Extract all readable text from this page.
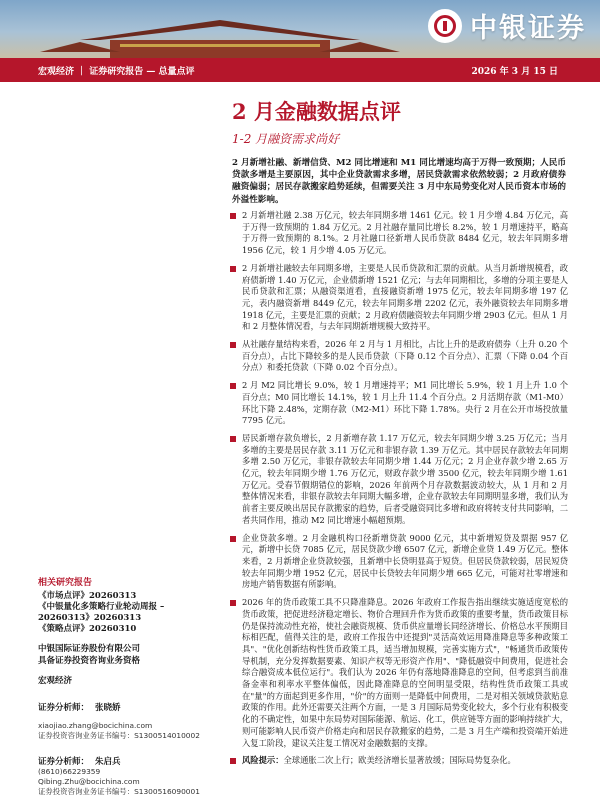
中银证券
宏观经济 ｜ 证券研究报告 — 总量点评	2026 年 3 月 15 日
2 月金融数据点评
1-2 月融资需求尚好
2 月新增社融、新增信贷、M2 同比增速和 M1 同比增速均高于万得一致预期；人民币贷款多增是主要原因，其中企业贷款需求多增，居民贷款需求依然较弱；2 月政府债券融资偏弱；居民存款搬家趋势延续，但需要关注 3 月中东局势变化对人民币资本市场的外溢性影响。
2 月新增社融 2.38 万亿元，较去年同期多增 1461 亿元。较 1 月少增 4.84 万亿元，高于万得一致预期的 1.84 万亿元。2 月社融存量同比增长 8.2%，较 1 月增速持平，略高于万得一致预期的 8.1%。2 月社融口径新增人民币贷款 8484 亿元，较去年同期多增 1956 亿元，较 1 月少增 4.05 万亿元。
2 月新增社融较去年同期多增，主要是人民币贷款和汇票的贡献。从当月新增规模看，政府债新增 1.40 万亿元，企业债新增 1521 亿元；与去年同期相比，多增的分项主要是人民币贷款和汇票；从融资渠道看，直接融资新增 1975 亿元，较去年同期多增 197 亿元，表内融资新增 8449 亿元，较去年同期多增 2202 亿元，表外融资较去年同期多增 1918 亿元，主要是汇票的贡献；2 月政府债融资较去年同期少增 2903 亿元。但从 1 月和 2 月整体情况看，与去年同期新增规模大致持平。
从社融存量结构来看，2026 年 2 月与 1 月相比，占比上升的是政府债券（上升 0.20 个百分点），占比下降较多的是人民币贷款（下降 0.12 个百分点）、汇票（下降 0.04 个百分点）和委托贷款（下降 0.02 个百分点）。
2 月 M2 同比增长 9.0%，较 1 月增速持平；M1 同比增长 5.9%，较 1 月上升 1.0 个百分点；M0 同比增长 14.1%，较 1 月上升 11.4 个百分点。2 月活期存款（M1-M0）环比下降 2.48%，定期存款（M2-M1）环比下降 1.78%。央行 2 月在公开市场投放量 7795 亿元。
居民新增存款负增长，2 月新增存款 1.17 万亿元，较去年同期少增 3.25 万亿元；当月多增的主要是居民存款 3.11 万亿元和非银存款 1.39 万亿元。其中居民存款较去年同期多增 2.50 万亿元，非银存款较去年同期少增 1.44 万亿元；2 月企业存款少增 2.65 万亿元，较去年同期少增 1.76 万亿元，财政存款少增 3500 亿元，较去年同期少增 1.61 万亿元。受春节假期错位的影响，2026 年前两个月存款数据波动较大，从 1 月和 2 月整体情况来看，非银存款较去年同期大幅多增，企业存款较去年同期明显多增，我们认为前者主要反映出居民存款搬家的趋势，后者受融资同比多增和政府将转支付共同影响，二者共同作用，推动 M2 同比增速小幅超预期。
企业贷款多增。2 月金融机构口径新增贷款 9000 亿元，其中新增短贷及票据 957 亿元，新增中长贷 7085 亿元，居民贷款少增 6507 亿元，新增企业贷 1.49 万亿元。整体来看，2 月新增企业贷款较强，且新增中长贷明显高于短贷。但居民贷款较弱，居民短贷较去年同期少增 1952 亿元，居民中长贷较去年同期少增 665 亿元，可能对社零增速和房地产销售数据有所影响。
2026 年的货币政策工具不只降准降息。2026 年政府工作报告指出继续实施适度宽松的货币政策，把促进经济稳定增长、物价合理回升作为货币政策的重要考量，货币政策目标仍是保持流动性充裕，使社会融资规模、货币供应量增长同经济增长、价格总水平预期目标相匹配，值得关注的是，政府工作报告中还提到"灵活高效运用降准降息等多种政策工具"、"优化创新结构性货币政策工具，适当增加规模，完善实施方式"，"畅通货币政策传导机制，充分发挥数据要素、知识产权等无形资产作用"、"降低融资中间费用，促进社会综合融资成本低位运行"。我们认为 2026 年仍有落地降准降息的空间，但考虑到当前准备金率和利率水平整体偏低，因此降准降息的空间明显受限，结构性货币政策工具或在"量"的方面起到更多作用，"价"的方面则一是降低中间费用，二是对相关领域贷款贴息政策的作用。此外还需要关注两个方面，一是 3 月国际局势变化较大，多个行业有积极变化的不确定性，如果中东局势对国际能源、航运、化工，供应链等方面的影响持续扩大，则可能影响人民币资产价格走向和居民存款搬家的趋势，二是 3 月生产端和投资端开始进入复工阶段，建议关注复工情况对金融数据的支撑。
风险提示：全球通胀二次上行；欧美经济增长显著放缓；国际局势复杂化。
相关研究报告
《市场点评》20260313
《中银量化多策略行业轮动周报 – 20260313》20260313
《策略点评》20260310
中银国际证券股份有限公司
具备证券投资咨询业务资格
宏观经济
证券分析师： 张晓娇
xiaojiao.zhang@bocichina.com
证券投资咨询业务证书编号：S1300514010002
证券分析师： 朱启兵
(8610)66229359
Qibing.Zhu@bocichina.com
证券投资咨询业务证书编号：S1300516090001
